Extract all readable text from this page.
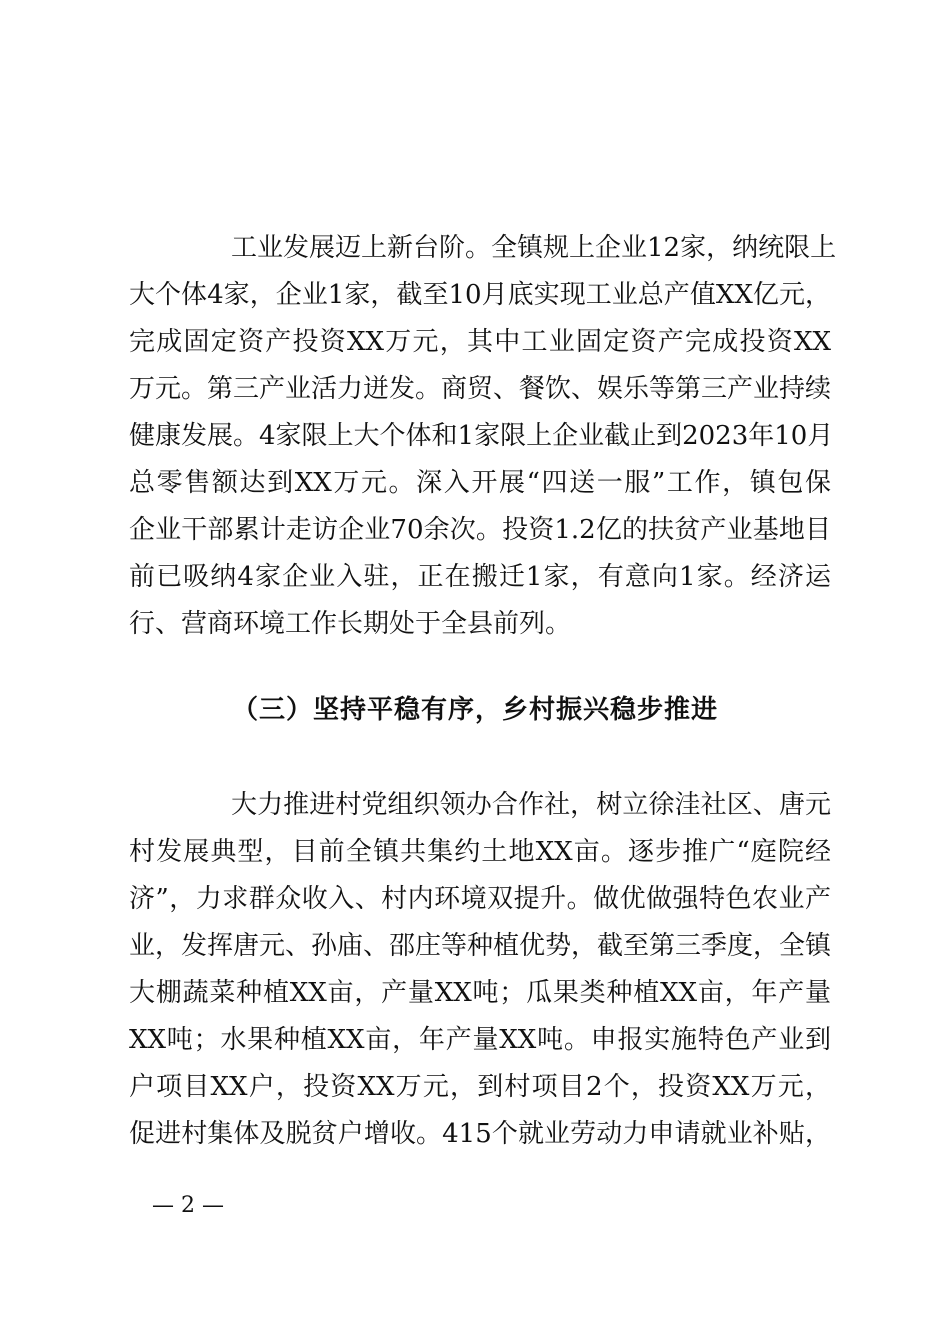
工业发展迈上新台阶。全镇规上企业12家，纳统限上
大个体4家，企业1家，截至10月底实现工业总产值XX亿元，
完成固定资产投资XX万元，其中工业固定资产完成投资XX
万元。第三产业活力迸发。商贸、餐饮、娱乐等第三产业持续
健康发展。4家限上大个体和1家限上企业截止到2023年10月
总零售额达到XX万元。深入开展“四送一服”工作，镇包保
企业干部累计走访企业70余次。投资1.2亿的扶贫产业基地目
前已吸纳4家企业入驻，正在搬迁1家，有意向1家。经济运
行、营商环境工作长期处于全县前列。
（三）坚持平稳有序，乡村振兴稳步推进
大力推进村党组织领办合作社，树立徐洼社区、唐元
村发展典型，目前全镇共集约土地XX亩。逐步推广“庭院经
济”，力求群众收入、村内环境双提升。做优做强特色农业产
业，发挥唐元、孙庙、邵庄等种植优势，截至第三季度，全镇
大棚蔬菜种植XX亩，产量XX吨；瓜果类种植XX亩，年产量
XX吨；水果种植XX亩，年产量XX吨。申报实施特色产业到
户项目XX户，投资XX万元，到村项目2个，投资XX万元，
促进村集体及脱贫户增收。415个就业劳动力申请就业补贴，
— 2 —
